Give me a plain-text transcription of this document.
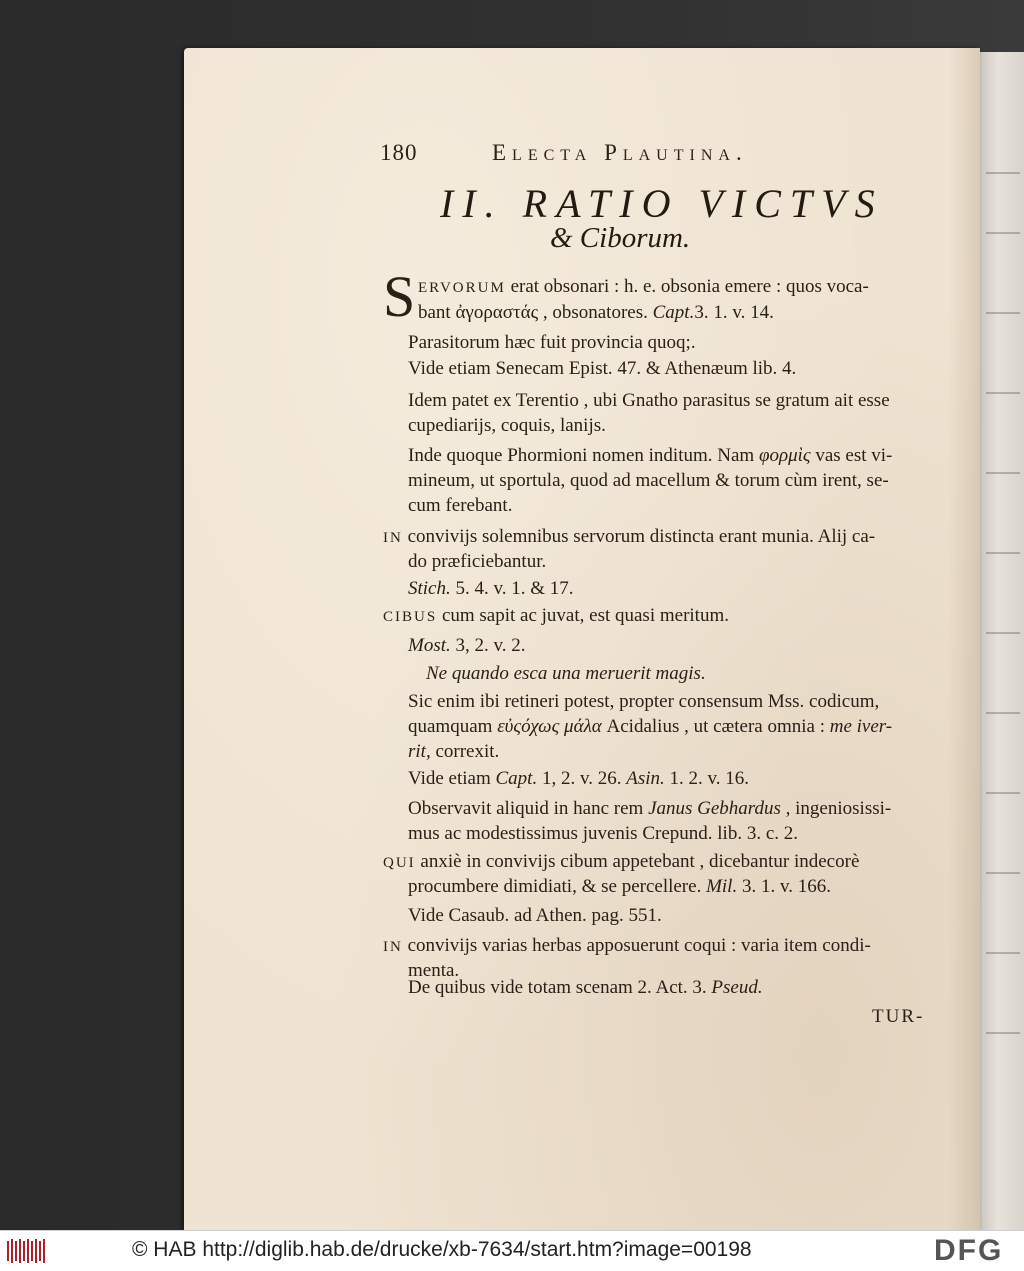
180	Electa Plautina.
II. RATIO VICTVS
& Ciborum.
S ERVORUM erat obsonari : h. e. obsonia emere : quos voca-
bant ἀγοραστάς , obsonatores. Capt.3. 1. v. 14.
Parasitorum hæc fuit provincia quoq;.
Vide etiam Senecam Epist. 47. & Athenæum lib. 4.
Idem patet ex Terentio , ubi Gnatho parasitus se gratum ait esse
cupediarijs, coquis, lanijs.
Inde quoque Phormioni nomen inditum. Nam φορμὶς vas est vi-
mineum, ut sportula, quod ad macellum & torum cùm irent, se-
cum ferebant.
IN convivijs solemnibus servorum distincta erant munia. Alij ca-
do præficiebantur.
Stich. 5. 4. v. 1. & 17.
CIBUS cum sapit ac juvat, est quasi meritum.
Most. 3, 2. v. 2.
Ne quando esca una meruerit magis.
Sic enim ibi retineri potest, propter consensum Mss. codicum,
quamquam εὐςόχως μάλα Acidalius , ut cætera omnia : me iver-
rit, correxit.
Vide etiam Capt. 1, 2. v. 26. Asin. 1. 2. v. 16.
Observavit aliquid in hanc rem Janus Gebhardus , ingeniosissi-
mus ac modestissimus juvenis Crepund. lib. 3. c. 2.
QUI anxiè in convivijs cibum appetebant , dicebantur indecorè
procumbere dimidiati, & se percellere. Mil. 3. 1. v. 166.
Vide Casaub. ad Athen. pag. 551.
IN convivijs varias herbas apposuerunt coqui : varia item condi-
menta.
De quibus vide totam scenam 2. Act. 3. Pseud.
TUR-
© HAB http://diglib.hab.de/drucke/xb-7634/start.htm?image=00198	DFG
